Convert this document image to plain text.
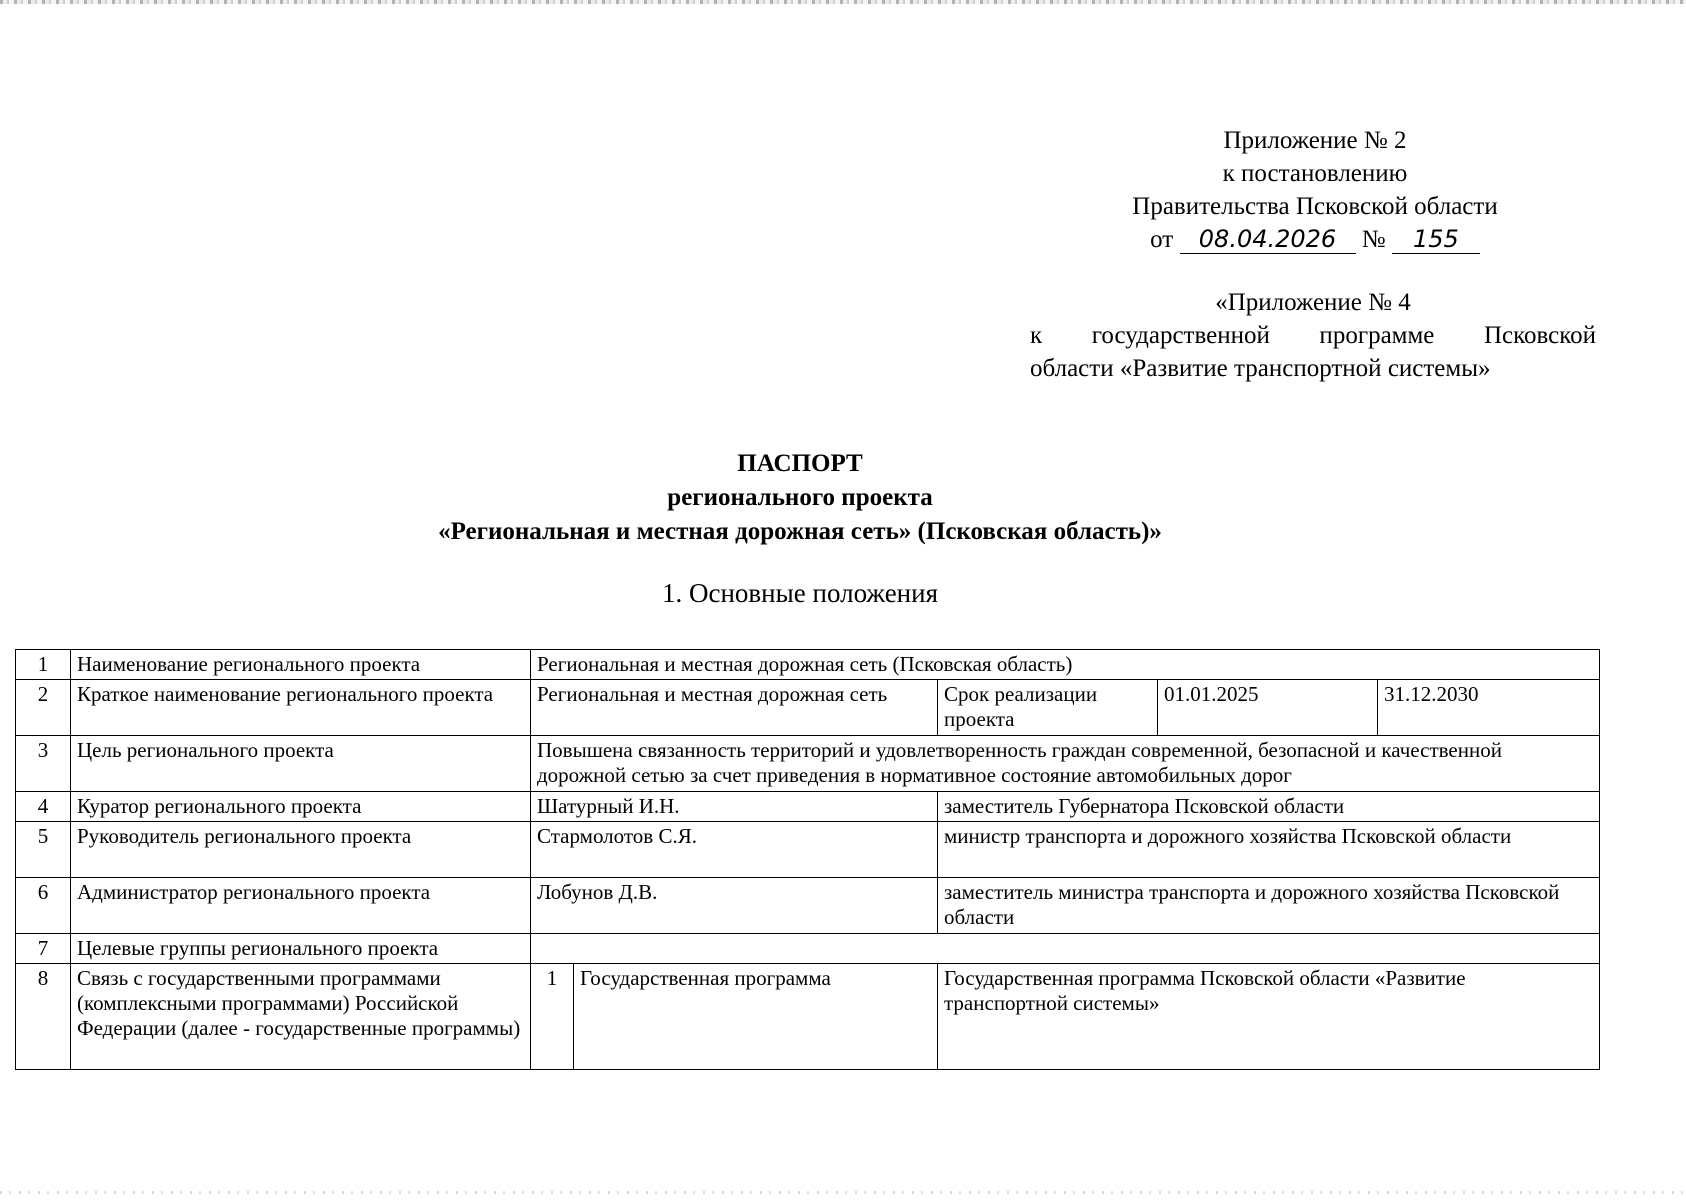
Приложение № 2
к постановлению
Правительства Псковской области
от 08.04.2026 № 155
«Приложение № 4
к государственной программе Псковской
области «Развитие транспортной системы»
ПАСПОРТ
регионального проекта
«Региональная и местная дорожная сеть» (Псковская область)»
1. Основные положения
1	Наименование регионального проекта	Региональная и местная дорожная сеть (Псковская область)				
2	Краткое наименование регионального проекта	Региональная и местная дорожная сеть		Срок реализации проекта	01.01.2025	31.12.2030
3	Цель регионального проекта	Повышена связанность территорий и удовлетворенность граждан современной, безопасной и качественной дорожной сетью за счет приведения в нормативное состояние автомобильных дорог				
4	Куратор регионального проекта	Шатурный И.Н.		заместитель Губернатора Псковской области		
5	Руководитель регионального проекта	Стармолотов С.Я.		министр транспорта и дорожного хозяйства Псковской области		
6	Администратор регионального проекта	Лобунов Д.В.		заместитель министра транспорта и дорожного хозяйства Псковской области		
7	Целевые группы регионального проекта					
8	Связь с государственными программами (комплексными программами) Российской Федерации (далее - государственные программы)	1	Государственная программа	Государственная программа Псковской области «Развитие транспортной системы»		
